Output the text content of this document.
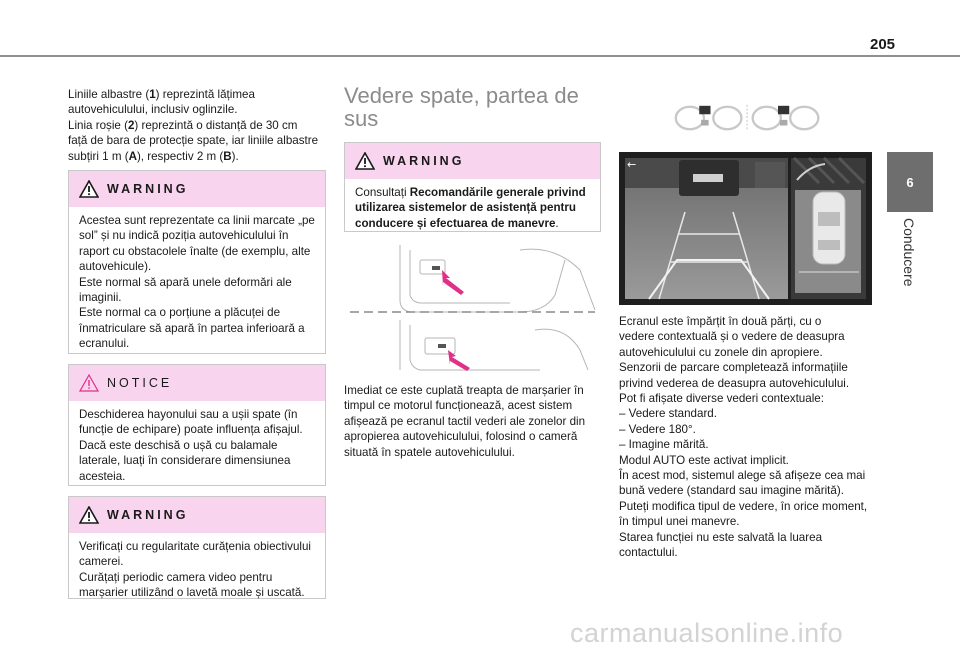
205
6
Conducere
Liniile albastre (1) reprezintă lățimea
autovehiculului, inclusiv oglinzile.
Linia roșie (2) reprezintă o distanță de 30 cm
față de bara de protecție spate, iar liniile albastre
subțiri 1 m (A), respectiv 2 m (B).
WARNING
Acestea sunt reprezentate ca linii marcate „pe
sol” și nu indică poziția autovehiculului în
raport cu obstacolele înalte (de exemplu, alte
autovehicule).
Este normal să apară unele deformări ale
imaginii.
Este normal ca o porțiune a plăcuței de
înmatriculare să apară în partea inferioară a
ecranului.
NOTICE
Deschiderea hayonului sau a ușii spate (în
funcție de echipare) poate influența afișajul.
Dacă este deschisă o ușă cu balamale
laterale, luați în considerare dimensiunea
acesteia.
WARNING
Verificați cu regularitate curățenia obiectivului
camerei.
Curățați periodic camera video pentru
marșarier utilizând o lavetă moale și uscată.
Vedere spate, partea de
sus
WARNING
Consultați Recomandările generale privind
utilizarea sistemelor de asistență pentru
conducere și efectuarea de manevre.
Imediat ce este cuplată treapta de marșarier în
timpul ce motorul funcționează, acest sistem
afișează pe ecranul tactil vederi ale zonelor din
apropierea autovehiculului, folosind o cameră
situată în spatele autovehiculului.
←
Ecranul este împărțit în două părți, cu o
vedere contextuală și o vedere de deasupra
autovehiculului cu zonele din apropiere.
Senzorii de parcare completează informațiile
privind vederea de deasupra autovehiculului.
Pot fi afișate diverse vederi contextuale:
– Vedere standard.
– Vedere 180°.
– Imagine mărită.
Modul AUTO este activat implicit.
În acest mod, sistemul alege să afișeze cea mai
bună vedere (standard sau imagine mărită).
Puteți modifica tipul de vedere, în orice moment,
în timpul unei manevre.
Starea funcției nu este salvată la luarea
contactului.
carmanualsonline.info
